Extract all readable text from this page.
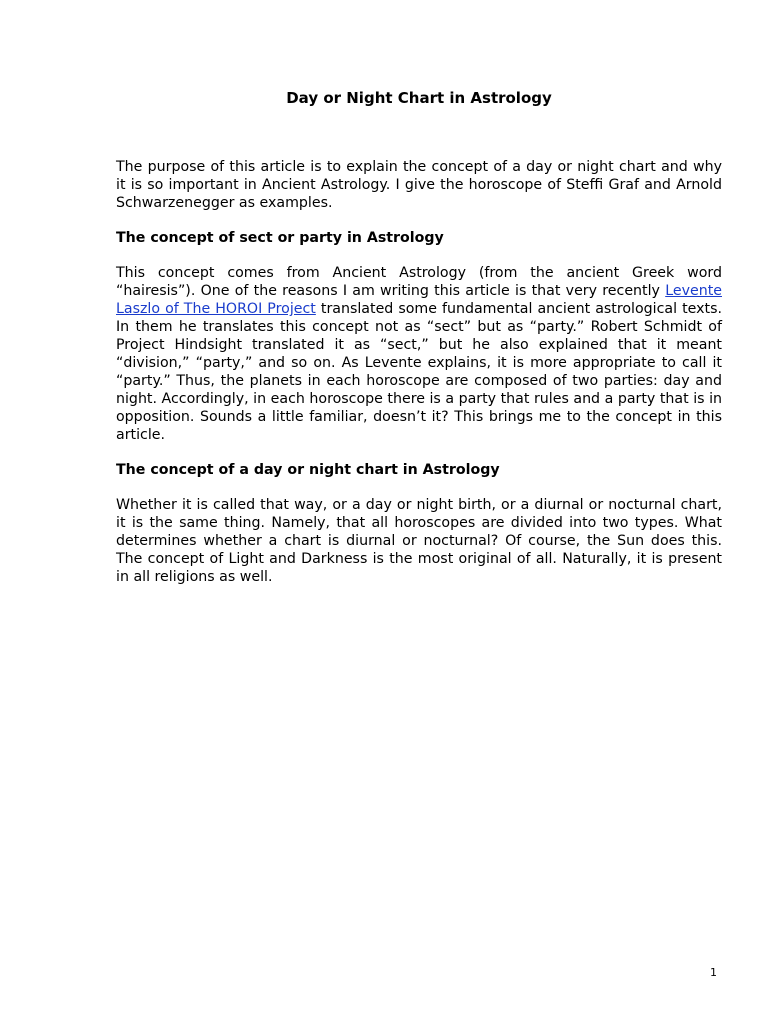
Day or Night Chart in Astrology

The purpose of this article is to explain the concept of a day or night chart and why it is so important in Ancient Astrology. I give the horoscope of Steffi Graf and Arnold Schwarzenegger as examples.

The concept of sect or party in Astrology

This concept comes from Ancient Astrology (from the ancient Greek word “hairesis”). One of the reasons I am writing this article is that very recently Levente Laszlo of The HOROI Project translated some fundamental ancient astrological texts. In them he translates this concept not as “sect” but as “party.” Robert Schmidt of Project Hindsight translated it as “sect,” but he also explained that it meant “division,” “party,” and so on. As Levente explains, it is more appropriate to call it “party.” Thus, the planets in each horoscope are composed of two parties: day and night. Accordingly, in each horoscope there is a party that rules and a party that is in opposition. Sounds a little familiar, doesn’t it? This brings me to the concept in this article.

The concept of a day or night chart in Astrology

Whether it is called that way, or a day or night birth, or a diurnal or nocturnal chart, it is the same thing. Namely, that all horoscopes are divided into two types. What determines whether a chart is diurnal or nocturnal? Of course, the Sun does this. The concept of Light and Darkness is the most original of all. Naturally, it is present in all religions as well.

1
